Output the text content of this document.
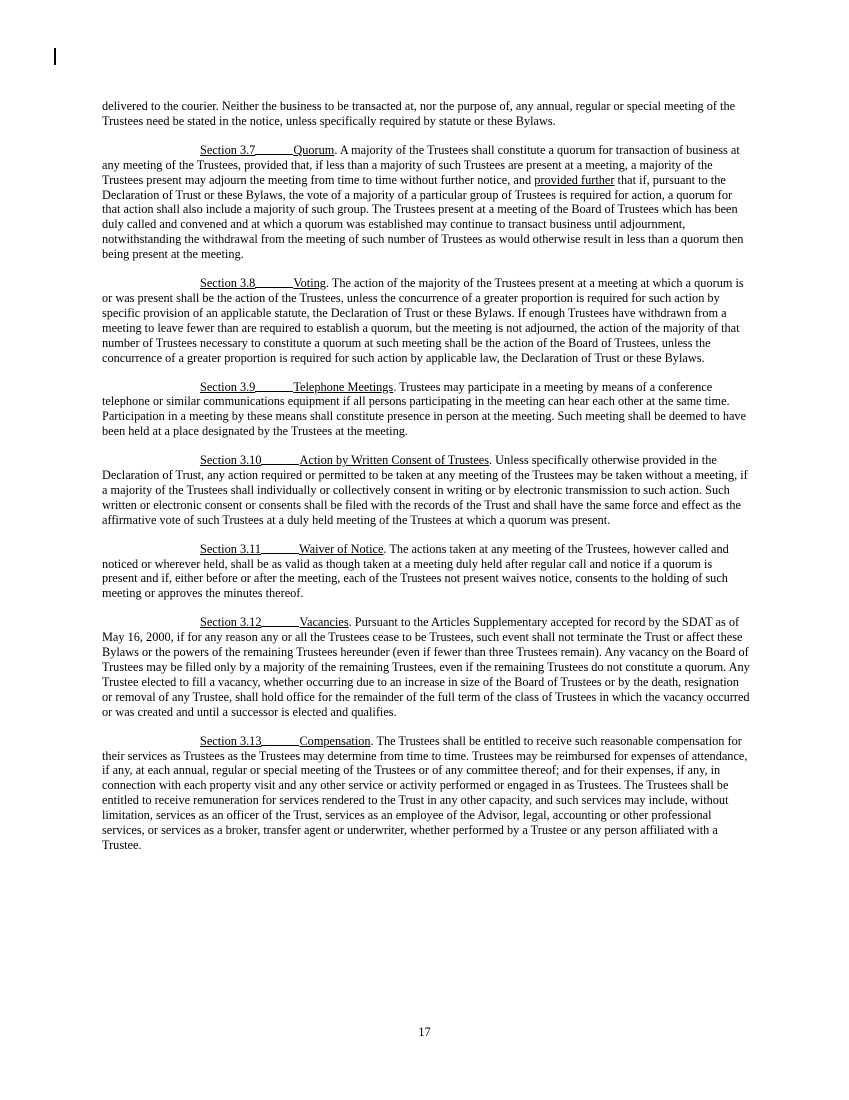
delivered to the courier. Neither the business to be transacted at, nor the purpose of, any annual, regular or special meeting of the Trustees need be stated in the notice, unless specifically required by statute or these Bylaws.

Section 3.7	Quorum. A majority of the Trustees shall constitute a quorum for transaction of business at any meeting of the Trustees, provided that, if less than a majority of such Trustees are present at a meeting, a majority of the Trustees present may adjourn the meeting from time to time without further notice, and provided further that if, pursuant to the Declaration of Trust or these Bylaws, the vote of a majority of a particular group of Trustees is required for action, a quorum for that action shall also include a majority of such group. The Trustees present at a meeting of the Board of Trustees which has been duly called and convened and at which a quorum was established may continue to transact business until adjournment, notwithstanding the withdrawal from the meeting of such number of Trustees as would otherwise result in less than a quorum then being present at the meeting.

Section 3.8	Voting. The action of the majority of the Trustees present at a meeting at which a quorum is or was present shall be the action of the Trustees, unless the concurrence of a greater proportion is required for such action by specific provision of an applicable statute, the Declaration of Trust or these Bylaws. If enough Trustees have withdrawn from a meeting to leave fewer than are required to establish a quorum, but the meeting is not adjourned, the action of the majority of that number of Trustees necessary to constitute a quorum at such meeting shall be the action of the Board of Trustees, unless the concurrence of a greater proportion is required for such action by applicable law, the Declaration of Trust or these Bylaws.

Section 3.9	Telephone Meetings. Trustees may participate in a meeting by means of a conference telephone or similar communications equipment if all persons participating in the meeting can hear each other at the same time. Participation in a meeting by these means shall constitute presence in person at the meeting. Such meeting shall be deemed to have been held at a place designated by the Trustees at the meeting.

Section 3.10	Action by Written Consent of Trustees. Unless specifically otherwise provided in the Declaration of Trust, any action required or permitted to be taken at any meeting of the Trustees may be taken without a meeting, if a majority of the Trustees shall individually or collectively consent in writing or by electronic transmission to such action. Such written or electronic consent or consents shall be filed with the records of the Trust and shall have the same force and effect as the affirmative vote of such Trustees at a duly held meeting of the Trustees at which a quorum was present.

Section 3.11	Waiver of Notice. The actions taken at any meeting of the Trustees, however called and noticed or wherever held, shall be as valid as though taken at a meeting duly held after regular call and notice if a quorum is present and if, either before or after the meeting, each of the Trustees not present waives notice, consents to the holding of such meeting or approves the minutes thereof.

Section 3.12	Vacancies. Pursuant to the Articles Supplementary accepted for record by the SDAT as of May 16, 2000, if for any reason any or all the Trustees cease to be Trustees, such event shall not terminate the Trust or affect these Bylaws or the powers of the remaining Trustees hereunder (even if fewer than three Trustees remain). Any vacancy on the Board of Trustees may be filled only by a majority of the remaining Trustees, even if the remaining Trustees do not constitute a quorum. Any Trustee elected to fill a vacancy, whether occurring due to an increase in size of the Board of Trustees or by the death, resignation or removal of any Trustee, shall hold office for the remainder of the full term of the class of Trustees in which the vacancy occurred or was created and until a successor is elected and qualifies.

Section 3.13	Compensation. The Trustees shall be entitled to receive such reasonable compensation for their services as Trustees as the Trustees may determine from time to time. Trustees may be reimbursed for expenses of attendance, if any, at each annual, regular or special meeting of the Trustees or of any committee thereof; and for their expenses, if any, in connection with each property visit and any other service or activity performed or engaged in as Trustees. The Trustees shall be entitled to receive remuneration for services rendered to the Trust in any other capacity, and such services may include, without limitation, services as an officer of the Trust, services as an employee of the Advisor, legal, accounting or other professional services, or services as a broker, transfer agent or underwriter, whether performed by a Trustee or any person affiliated with a Trustee.

17
